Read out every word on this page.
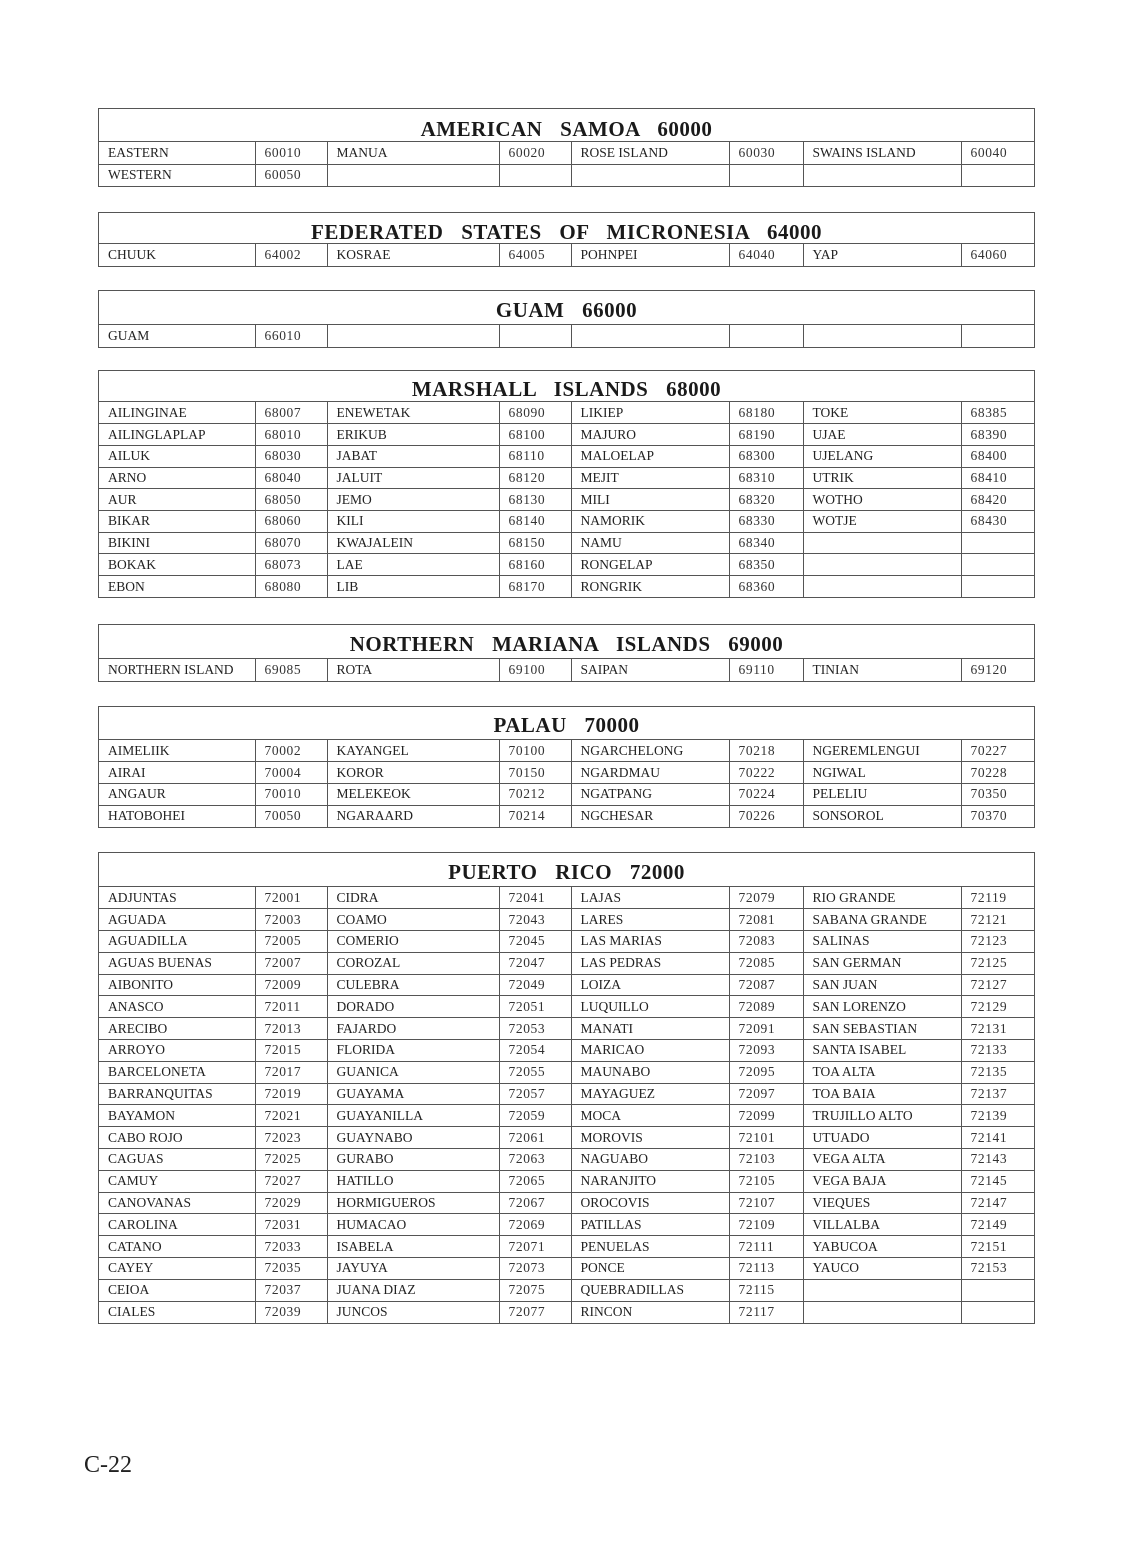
AMERICAN SAMOA 60000
EASTERN	60010	MANUA	60020	ROSE ISLAND	60030	SWAINS ISLAND	60040
WESTERN	60050						
FEDERATED STATES OF MICRONESIA 64000
CHUUK	64002	KOSRAE	64005	POHNPEI	64040	YAP	64060
GUAM 66000
GUAM	66010						
MARSHALL ISLANDS 68000
AILINGINAE	68007	ENEWETAK	68090	LIKIEP	68180	TOKE	68385
AILINGLAPLAP	68010	ERIKUB	68100	MAJURO	68190	UJAE	68390
AILUK	68030	JABAT	68110	MALOELAP	68300	UJELANG	68400
ARNO	68040	JALUIT	68120	MEJIT	68310	UTRIK	68410
AUR	68050	JEMO	68130	MILI	68320	WOTHO	68420
BIKAR	68060	KILI	68140	NAMORIK	68330	WOTJE	68430
BIKINI	68070	KWAJALEIN	68150	NAMU	68340		
BOKAK	68073	LAE	68160	RONGELAP	68350		
EBON	68080	LIB	68170	RONGRIK	68360		
NORTHERN MARIANA ISLANDS 69000
NORTHERN ISLAND	69085	ROTA	69100	SAIPAN	69110	TINIAN	69120
PALAU 70000
AIMELIIK	70002	KAYANGEL	70100	NGARCHELONG	70218	NGEREMLENGUI	70227
AIRAI	70004	KOROR	70150	NGARDMAU	70222	NGIWAL	70228
ANGAUR	70010	MELEKEOK	70212	NGATPANG	70224	PELELIU	70350
HATOBOHEI	70050	NGARAARD	70214	NGCHESAR	70226	SONSOROL	70370
PUERTO RICO 72000
ADJUNTAS	72001	CIDRA	72041	LAJAS	72079	RIO GRANDE	72119
AGUADA	72003	COAMO	72043	LARES	72081	SABANA GRANDE	72121
AGUADILLA	72005	COMERIO	72045	LAS MARIAS	72083	SALINAS	72123
AGUAS BUENAS	72007	COROZAL	72047	LAS PEDRAS	72085	SAN GERMAN	72125
AIBONITO	72009	CULEBRA	72049	LOIZA	72087	SAN JUAN	72127
ANASCO	72011	DORADO	72051	LUQUILLO	72089	SAN LORENZO	72129
ARECIBO	72013	FAJARDO	72053	MANATI	72091	SAN SEBASTIAN	72131
ARROYO	72015	FLORIDA	72054	MARICAO	72093	SANTA ISABEL	72133
BARCELONETA	72017	GUANICA	72055	MAUNABO	72095	TOA ALTA	72135
BARRANQUITAS	72019	GUAYAMA	72057	MAYAGUEZ	72097	TOA BAIA	72137
BAYAMON	72021	GUAYANILLA	72059	MOCA	72099	TRUJILLO ALTO	72139
CABO ROJO	72023	GUAYNABO	72061	MOROVIS	72101	UTUADO	72141
CAGUAS	72025	GURABO	72063	NAGUABO	72103	VEGA ALTA	72143
CAMUY	72027	HATILLO	72065	NARANJITO	72105	VEGA BAJA	72145
CANOVANAS	72029	HORMIGUEROS	72067	OROCOVIS	72107	VIEQUES	72147
CAROLINA	72031	HUMACAO	72069	PATILLAS	72109	VILLALBA	72149
CATANO	72033	ISABELA	72071	PENUELAS	72111	YABUCOA	72151
CAYEY	72035	JAYUYA	72073	PONCE	72113	YAUCO	72153
CEIOA	72037	JUANA DIAZ	72075	QUEBRADILLAS	72115		
CIALES	72039	JUNCOS	72077	RINCON	72117		
C-22
